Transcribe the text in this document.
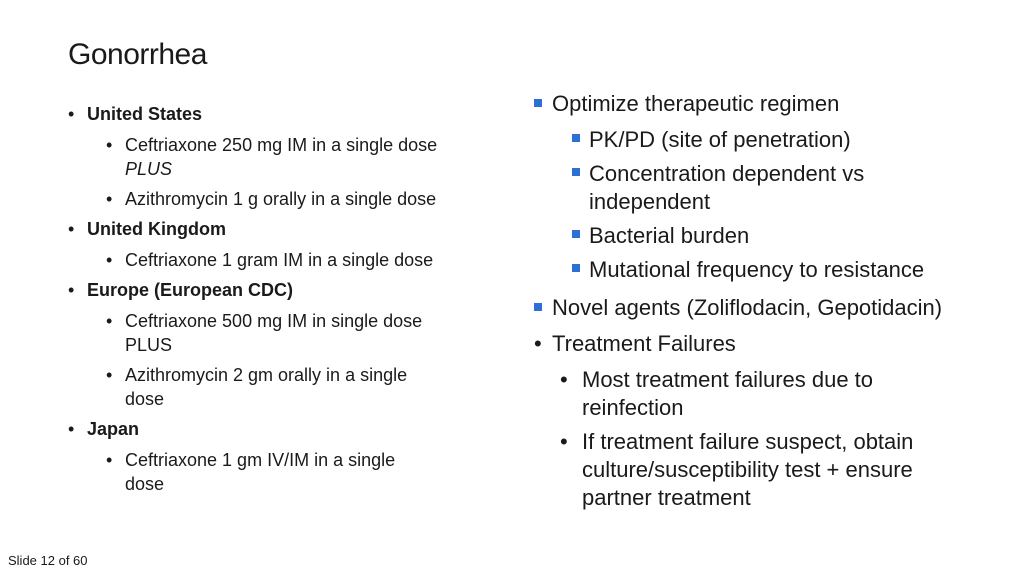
Gonorrhea
• United States
• Ceftriaxone 250 mg IM in a single dose
PLUS
• Azithromycin 1 g orally in a single dose
• United Kingdom
• Ceftriaxone 1 gram IM in a single dose
• Europe (European CDC)
• Ceftriaxone 500 mg IM in single dose
PLUS
• Azithromycin 2 gm orally in a single
dose
• Japan
• Ceftriaxone 1 gm IV/IM in a single
dose
Optimize therapeutic regimen
PK/PD (site of penetration)
Concentration dependent vs
independent
Bacterial burden
Mutational frequency to resistance
Novel agents (Zoliflodacin, Gepotidacin)
• Treatment Failures
• Most treatment failures due to
reinfection
• If treatment failure suspect, obtain
culture/susceptibility test + ensure
partner treatment
Slide 12 of 60
